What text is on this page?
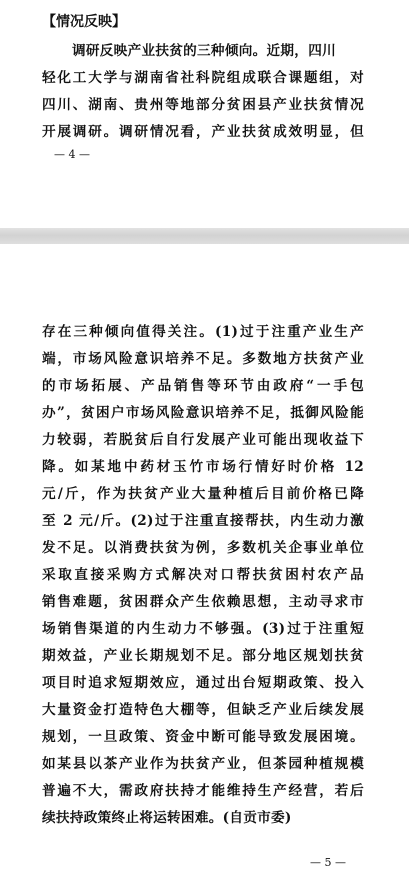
【情况反映】
调研反映产业扶贫的三种倾向。近期，四川
轻化工大学与湖南省社科院组成联合课题组，对
四川、湖南、贵州等地部分贫困县产业扶贫情况
开展调研。调研情况看，产业扶贫成效明显，但
— 4 —
存在三种倾向值得关注。(1)过于注重产业生产
端，市场风险意识培养不足。多数地方扶贫产业
的市场拓展、产品销售等环节由政府“一手包
办”，贫困户市场风险意识培养不足，抵御风险能
力较弱，若脱贫后自行发展产业可能出现收益下
降。如某地中药材玉竹市场行情好时价格 12
元/斤，作为扶贫产业大量种植后目前价格已降
至 2 元/斤。(2)过于注重直接帮扶，内生动力激
发不足。以消费扶贫为例，多数机关企事业单位
采取直接采购方式解决对口帮扶贫困村农产品
销售难题，贫困群众产生依赖思想，主动寻求市
场销售渠道的内生动力不够强。(3)过于注重短
期效益，产业长期规划不足。部分地区规划扶贫
项目时追求短期效应，通过出台短期政策、投入
大量资金打造特色大棚等，但缺乏产业后续发展
规划，一旦政策、资金中断可能导致发展困境。
如某县以茶产业作为扶贫产业，但茶园种植规模
普遍不大，需政府扶持才能维持生产经营，若后
续扶持政策终止将运转困难。(自贡市委)
— 5 —
